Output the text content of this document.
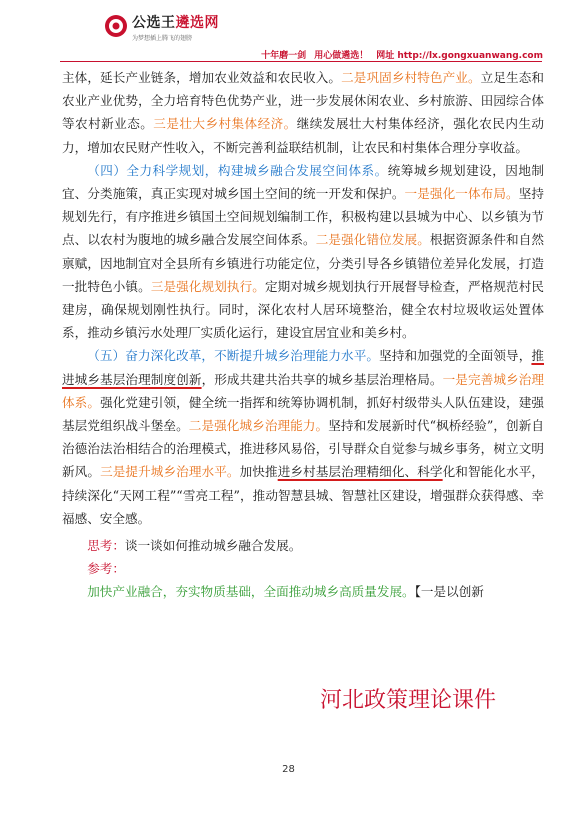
公选王遴选网
为梦想插上腾飞的翅膀
十年磨一剑 用心做遴选！ 网址 http://lx.gongxuanwang.com

主体，延长产业链条，增加农业效益和农民收入。二是巩固乡村特色产业。立足生态和农业产业优势，全力培育特色优势产业，进一步发展休闲农业、乡村旅游、田园综合体等农村新业态。三是壮大乡村集体经济。继续发展壮大村集体经济，强化农民内生动力，增加农民财产性收入，不断完善利益联结机制，让农民和村集体合理分享收益。

（四）全力科学规划，构建城乡融合发展空间体系。统筹城乡规划建设，因地制宜、分类施策，真正实现对城乡国土空间的统一开发和保护。一是强化一体布局。坚持规划先行，有序推进乡镇国土空间规划编制工作，积极构建以县城为中心、以乡镇为节点、以农村为腹地的城乡融合发展空间体系。二是强化错位发展。根据资源条件和自然禀赋，因地制宜对全县所有乡镇进行功能定位，分类引导各乡镇错位差异化发展，打造一批特色小镇。三是强化规划执行。定期对城乡规划执行开展督导检查，严格规范村民建房，确保规划刚性执行。同时，深化农村人居环境整治，健全农村垃圾收运处置体系，推动乡镇污水处理厂实质化运行，建设宜居宜业和美乡村。

（五）奋力深化改革，不断提升城乡治理能力水平。坚持和加强党的全面领导，推进城乡基层治理制度创新，形成共建共治共享的城乡基层治理格局。一是完善城乡治理体系。强化党建引领，健全统一指挥和统筹协调机制，抓好村级带头人队伍建设，建强基层党组织战斗堡垒。二是强化城乡治理能力。坚持和发展新时代“枫桥经验”，创新自治德治法治相结合的治理模式，推进移风易俗，引导群众自觉参与城乡事务，树立文明新风。三是提升城乡治理水平。加快推进乡村基层治理精细化、科学化和智能化水平，持续深化“天网工程”“雪亮工程”，推动智慧县城、智慧社区建设，增强群众获得感、幸福感、安全感。

思考：谈一谈如何推动城乡融合发展。

参考：

加快产业融合，夯实物质基础，全面推动城乡高质量发展。【一是以创新

河北政策理论课件
28
